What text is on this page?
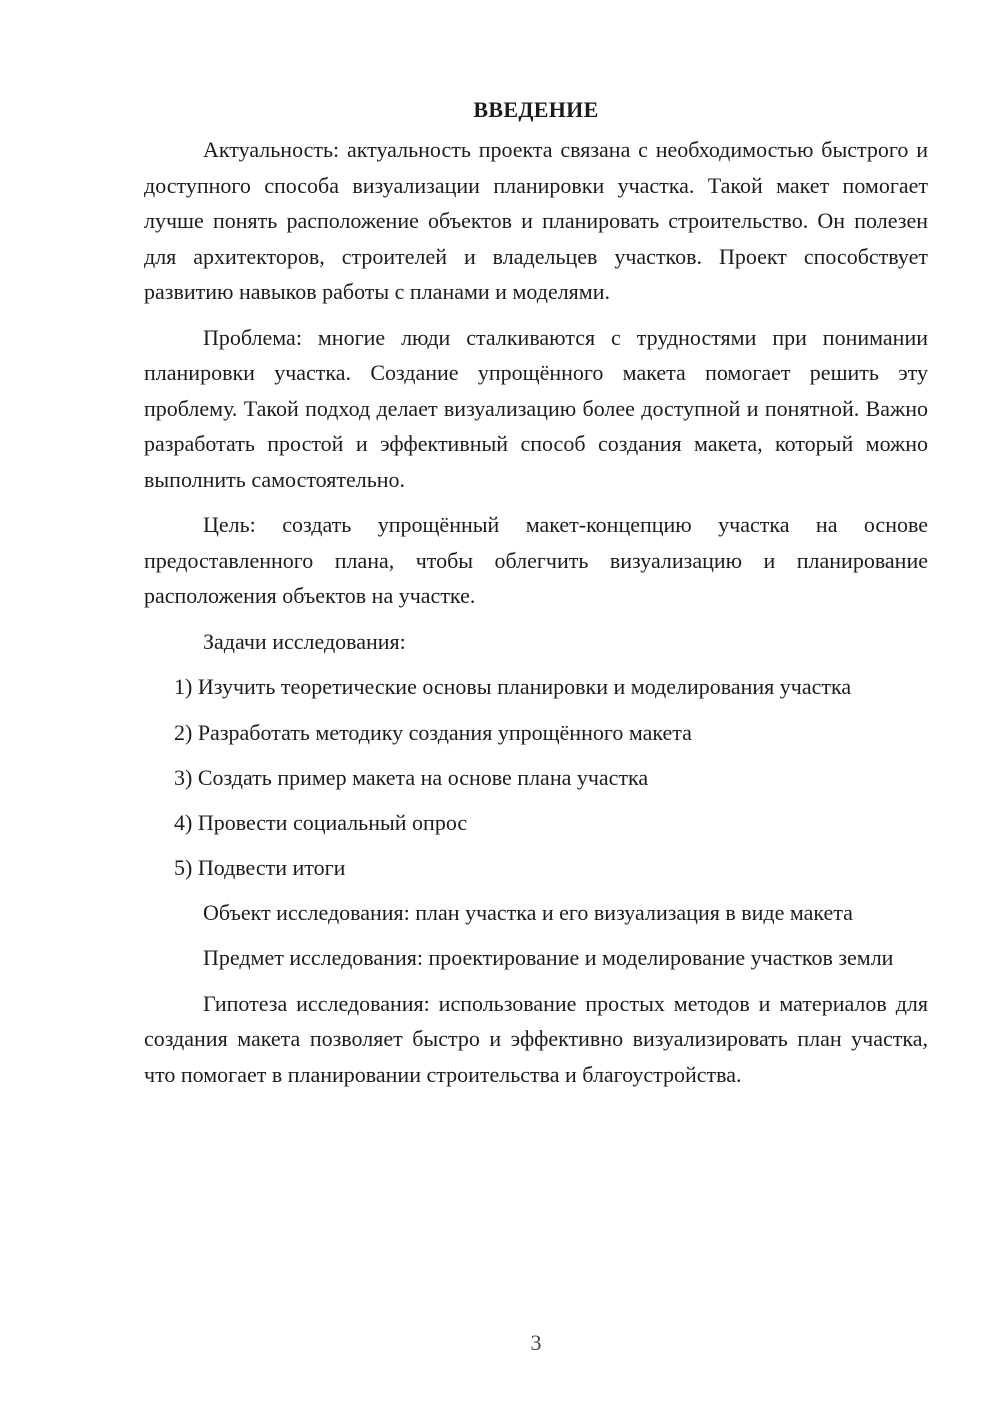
ВВЕДЕНИЕ

Актуальность: актуальность проекта связана с необходимостью быстрого и доступного способа визуализации планировки участка. Такой макет помогает лучше понять расположение объектов и планировать строительство. Он полезен для архитекторов, строителей и владельцев участков. Проект способствует развитию навыков работы с планами и моделями.

Проблема: многие люди сталкиваются с трудностями при понимании планировки участка. Создание упрощённого макета помогает решить эту проблему. Такой подход делает визуализацию более доступной и понятной. Важно разработать простой и эффективный способ создания макета, который можно выполнить самостоятельно.

Цель: создать упрощённый макет-концепцию участка на основе предоставленного плана, чтобы облегчить визуализацию и планирование расположения объектов на участке.

Задачи исследования:

1) Изучить теоретические основы планировки и моделирования участка

2) Разработать методику создания упрощённого макета

3) Создать пример макета на основе плана участка

4) Провести социальный опрос

5) Подвести итоги

Объект исследования: план участка и его визуализация в виде макета

Предмет исследования: проектирование и моделирование участков земли

Гипотеза исследования: использование простых методов и материалов для создания макета позволяет быстро и эффективно визуализировать план участка, что помогает в планировании строительства и благоустройства.

3
